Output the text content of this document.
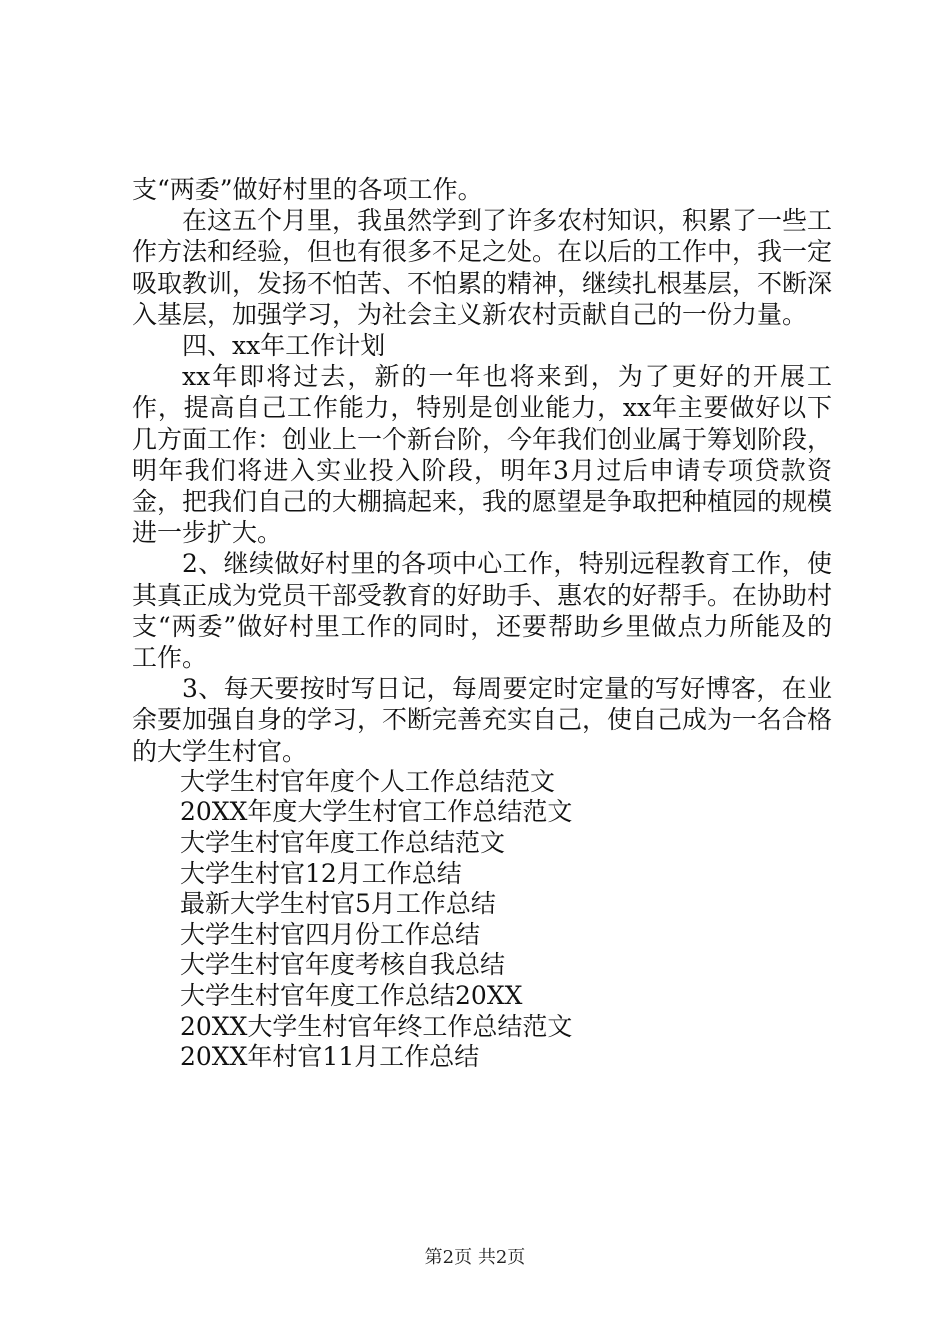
支“两委”做好村里的各项工作。

在这五个月里，我虽然学到了许多农村知识，积累了一些工作方法和经验，但也有很多不足之处。在以后的工作中，我一定吸取教训，发扬不怕苦、不怕累的精神，继续扎根基层，不断深入基层，加强学习，为社会主义新农村贡献自己的一份力量。

四、xx年工作计划

xx年即将过去，新的一年也将来到，为了更好的开展工作，提高自己工作能力，特别是创业能力，xx年主要做好以下几方面工作：创业上一个新台阶，今年我们创业属于筹划阶段，明年我们将进入实业投入阶段，明年3月过后申请专项贷款资金，把我们自己的大棚搞起来，我的愿望是争取把种植园的规模进一步扩大。

2、继续做好村里的各项中心工作，特别远程教育工作，使其真正成为党员干部受教育的好助手、惠农的好帮手。在协助村支“两委”做好村里工作的同时，还要帮助乡里做点力所能及的工作。

3、每天要按时写日记，每周要定时定量的写好博客，在业余要加强自身的学习，不断完善充实自己，使自己成为一名合格的大学生村官。

大学生村官年度个人工作总结范文
20XX年度大学生村官工作总结范文
大学生村官年度工作总结范文
大学生村官12月工作总结
最新大学生村官5月工作总结
大学生村官四月份工作总结
大学生村官年度考核自我总结
大学生村官年度工作总结20XX
20XX大学生村官年终工作总结范文
20XX年村官11月工作总结
第2页 共2页
